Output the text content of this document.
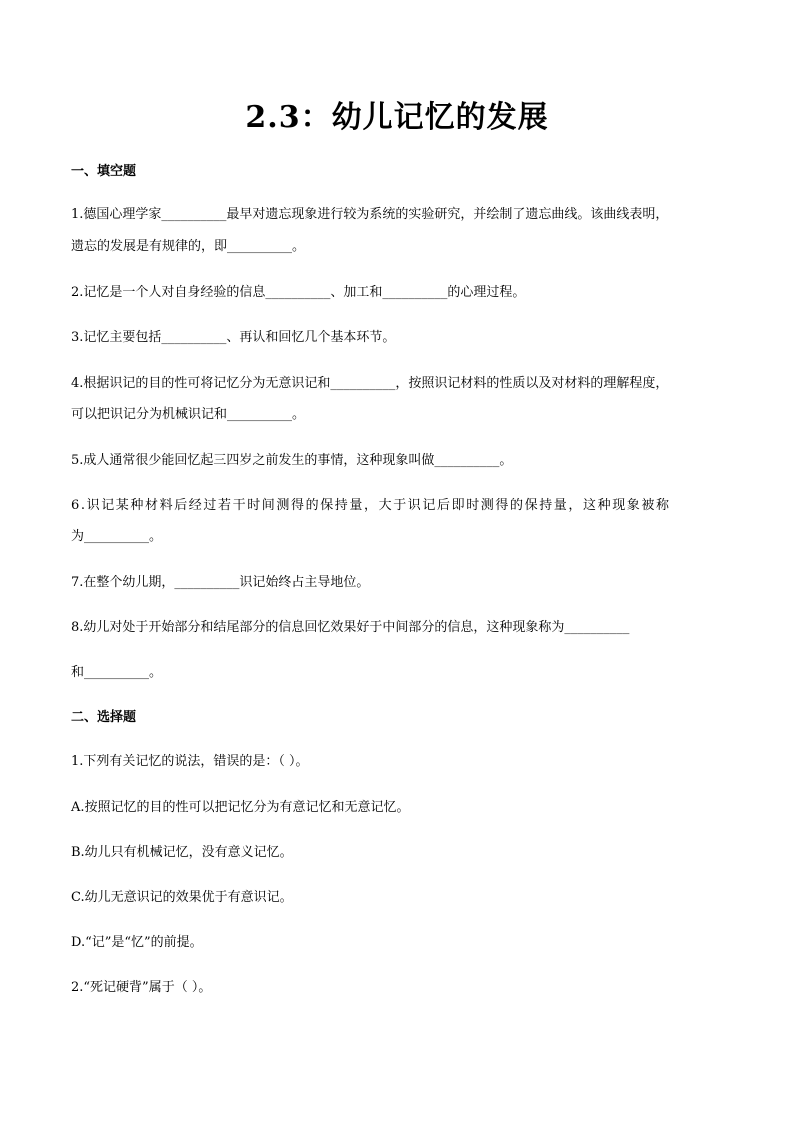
2.3：幼儿记忆的发展

一、填空题

1.德国心理学家__________最早对遗忘现象进行较为系统的实验研究，并绘制了遗忘曲线。该曲线表明，

遗忘的发展是有规律的，即__________。

2.记忆是一个人对自身经验的信息__________、加工和__________的心理过程。

3.记忆主要包括__________、再认和回忆几个基本环节。

4.根据识记的目的性可将记忆分为无意识记和__________，按照识记材料的性质以及对材料的理解程度，

可以把识记分为机械识记和__________。

5.成人通常很少能回忆起三四岁之前发生的事情，这种现象叫做__________。

6.识记某种材料后经过若干时间测得的保持量，大于识记后即时测得的保持量，这种现象被称

为__________。

7.在整个幼儿期，__________识记始终占主导地位。

8.幼儿对处于开始部分和结尾部分的信息回忆效果好于中间部分的信息，这种现象称为__________

和__________。

二、选择题

1.下列有关记忆的说法，错误的是：（ ）。

A.按照记忆的目的性可以把记忆分为有意记忆和无意记忆。

B.幼儿只有机械记忆，没有意义记忆。

C.幼儿无意识记的效果优于有意识记。

D.“记”是“忆”的前提。

2.“死记硬背”属于（ ）。
